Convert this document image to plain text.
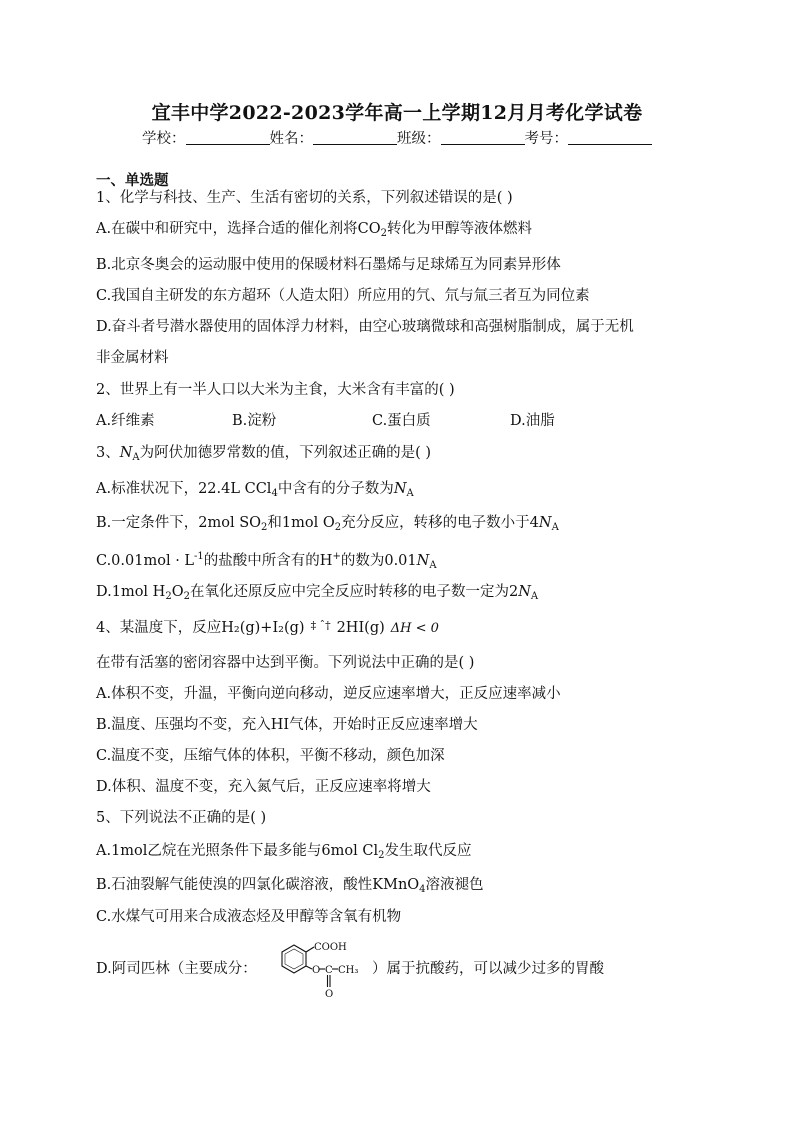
宜丰中学2022-2023学年高一上学期12月月考化学试卷
学校：	姓名：	班级：	考号：
一、单选题
1、化学与科技、生产、生活有密切的关系，下列叙述错误的是( )
A.在碳中和研究中，选择合适的催化剂将$CO_2$转化为甲醇等液体燃料
B.北京冬奥会的运动服中使用的保暖材料石墨烯与足球烯互为同素异形体
C.我国自主研发的东方超环（人造太阳）所应用的氕、氘与氚三者互为同位素
D.奋斗者号潜水器使用的固体浮力材料，由空心玻璃微球和高强树脂制成，属于无机
非金属材料
2、世界上有一半人口以大米为主食，大米含有丰富的( )
A.纤维素	B.淀粉	C.蛋白质	D.油脂
3、$N_A$为阿伏加德罗常数的值，下列叙述正确的是( )
A.标准状况下，22.4L CCl$_4$中含有的分子数为$N_A$
B.一定条件下，2mol $SO_2$和1mol $O_2$充分反应，转移的电子数小于$4N_A$
$C.0.01mol \cdot L^{-1}$的盐酸中所含有的H+的数为$0.01N_A$
D.1mol $H_2O_2$在氧化还原反应中完全反应时转移的电子数一定为$2N_A$
4、某温度下，反应H₂(g)+I₂(g) $^{\ddagger ˆ\dagger}$ 2HI(g) ΔH < 0
在带有活塞的密闭容器中达到平衡。下列说法中正确的是( )
A.体积不变，升温，平衡向逆向移动，逆反应速率增大，正反应速率减小
B.温度、压强均不变，充入HI气体，开始时正反应速率增大
C.温度不变，压缩气体的体积，平衡不移动，颜色加深
D.体积、温度不变，充入氮气后，正反应速率将增大
5、下列说法不正确的是( )
A.1mol乙烷在光照条件下最多能与6mol $Cl_2$发生取代反应
B.石油裂解气能使溴的四氯化碳溶液，酸性KMnO$_4$溶液褪色
C.水煤气可用来合成液态烃及甲醇等含氧有机物
D.阿司匹林（主要成分：
COOH
O C CH₃
O
）属于抗酸药，可以减少过多的胃酸
